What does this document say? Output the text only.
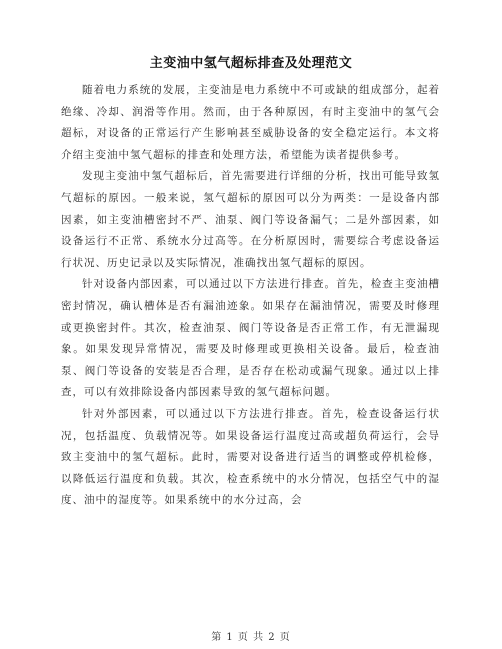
主变油中氢气超标排查及处理范文

随着电力系统的发展，主变油是电力系统中不可或缺的组成部分，起着绝缘、冷却、润滑等作用。然而，由于各种原因，有时主变油中的氢气会超标，对设备的正常运行产生影响甚至威胁设备的安全稳定运行。本文将介绍主变油中氢气超标的排查和处理方法，希望能为读者提供参考。

发现主变油中氢气超标后，首先需要进行详细的分析，找出可能导致氢气超标的原因。一般来说，氢气超标的原因可以分为两类：一是设备内部因素，如主变油槽密封不严、油泵、阀门等设备漏气；二是外部因素，如设备运行不正常、系统水分过高等。在分析原因时，需要综合考虑设备运行状况、历史记录以及实际情况，准确找出氢气超标的原因。

针对设备内部因素，可以通过以下方法进行排查。首先，检查主变油槽密封情况，确认槽体是否有漏油迹象。如果存在漏油情况，需要及时修理或更换密封件。其次，检查油泵、阀门等设备是否正常工作，有无泄漏现象。如果发现异常情况，需要及时修理或更换相关设备。最后，检查油泵、阀门等设备的安装是否合理，是否存在松动或漏气现象。通过以上排查，可以有效排除设备内部因素导致的氢气超标问题。

针对外部因素，可以通过以下方法进行排查。首先，检查设备运行状况，包括温度、负载情况等。如果设备运行温度过高或超负荷运行，会导致主变油中的氢气超标。此时，需要对设备进行适当的调整或停机检修，以降低运行温度和负载。其次，检查系统中的水分情况，包括空气中的湿度、油中的湿度等。如果系统中的水分过高，会

第 1 页 共 2 页
